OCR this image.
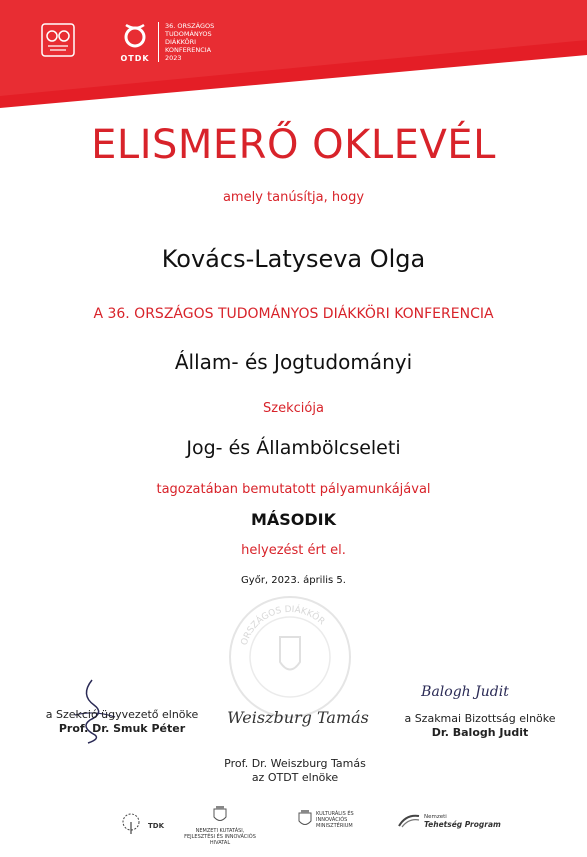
OTDK
36. ORSZÁGOS
TUDOMÁNYOS
DIÁKKÖRI
KONFERENCIA
2023
ELISMERŐ OKLEVÉL
amely tanúsítja, hogy
Kovács-Latyseva Olga
A 36. ORSZÁGOS TUDOMÁNYOS DIÁKKÖRI KONFERENCIA
Állam- és Jogtudományi
Szekciója
Jog- és Állambölcseleti
tagozatában bemutatott pályamunkájával
MÁSODIK
helyezést ért el.
Győr, 2023. április 5.
ORSZÁGOS DIÁKKÖR
a Szekció ügyvezető elnöke
Prof. Dr. Smuk Péter
Weiszburg Tamás
Prof. Dr. Weiszburg Tamás
az OTDT elnöke
Balogh Judit
a Szakmai Bizottság elnöke
Dr. Balogh Judit
TDK
NEMZETI KUTATÁSI, FEJLESZTÉSI ÉS INNOVÁCIÓS HIVATAL
KULTURÁLIS ÉS INNOVÁCIÓS MINISZTÉRIUM
Nemzeti
Tehetség Program
